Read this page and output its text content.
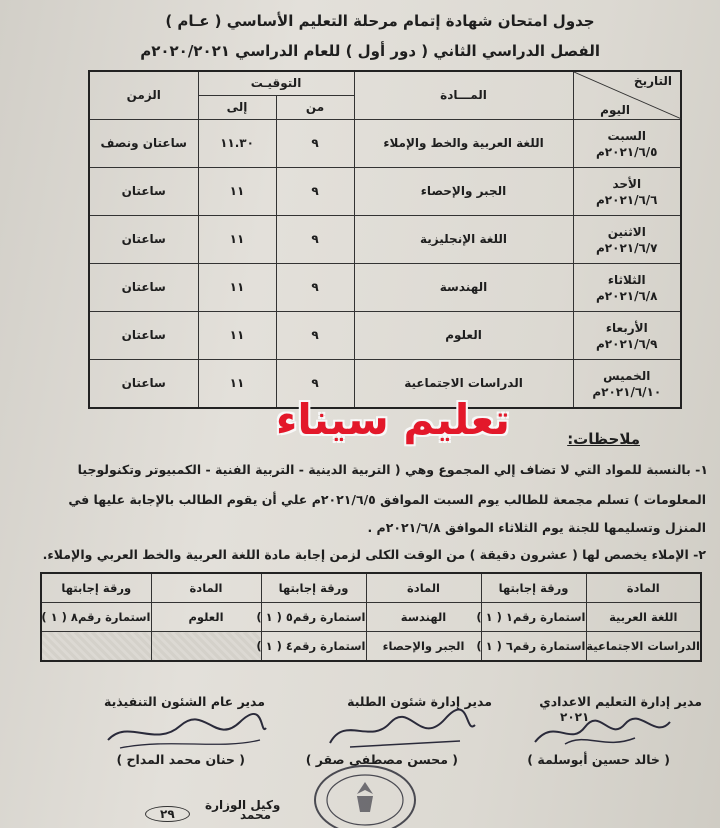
جدول امتحان شهادة إتمام مرحلة التعليم الأساسي ( عـام )
الفصل الدراسي الثاني ( دور أول ) للعام الدراسي ٢٠٢٠/٢٠٢١م
التاريخ
اليوم	المـــادة	التوقيـت		الزمن
		من	إلى	

السبت
٢٠٢١/٦/٥م	اللغة العربية والخط والإملاء	٩	١١.٣٠	ساعتان ونصف

الأحد
٢٠٢١/٦/٦م	الجبر والإحصاء	٩	١١	ساعتان

الاثنين
٢٠٢١/٦/٧م	اللغة الإنجليزية	٩	١١	ساعتان

الثلاثاء
٢٠٢١/٦/٨م	الهندسة	٩	١١	ساعتان

الأربعاء
٢٠٢١/٦/٩م	العلوم	٩	١١	ساعتان

الخميس
٢٠٢١/٦/١٠م	الدراسات الاجتماعية	٩	١١	ساعتان
تعليم سيناء	ملاحظات:
١- بالنسبة للمواد التي لا تضاف إلي المجموع وهي ( التربية الدينية - التربية الفنية - الكمبيوتر وتكنولوجيا
المعلومات ) تسلم مجمعة للطالب يوم السبت الموافق ٢٠٢١/٦/٥م علي أن يقوم الطالب بالإجابة عليها في
المنزل وتسليمها للجنة يوم الثلاثاء الموافق ٢٠٢١/٦/٨م .
٢- الإملاء يخصص لها ( عشرون دقيقة ) من الوقت الكلى لزمن إجابة مادة اللغة العربية والخط العربي والإملاء.
المادة	ورقة إجابتها	المادة	ورقة إجابتها	المادة	ورقة إجابتها
اللغة العربية	استمارة رقم١ ( ١ )	الهندسة	استمارة رقم٥ ( ١ )	العلوم	استمارة رقم٨ ( ١ )
الدراسات الاجتماعية	استمارة رقم٦ ( ١ )	الجبر والإحصاء	استمارة رقم٤ ( ١ )		
مدير إدارة التعليم الاعدادي
مدير إدارة شئون الطلبة
مدير عام الشئون التنفيذية
٢٠٢١
( خالد حسين أبوسلمة )
( محسن مصطفى صقر )
( حنان محمد المداح )
محمد
وكيل الوزارة
٢٩
